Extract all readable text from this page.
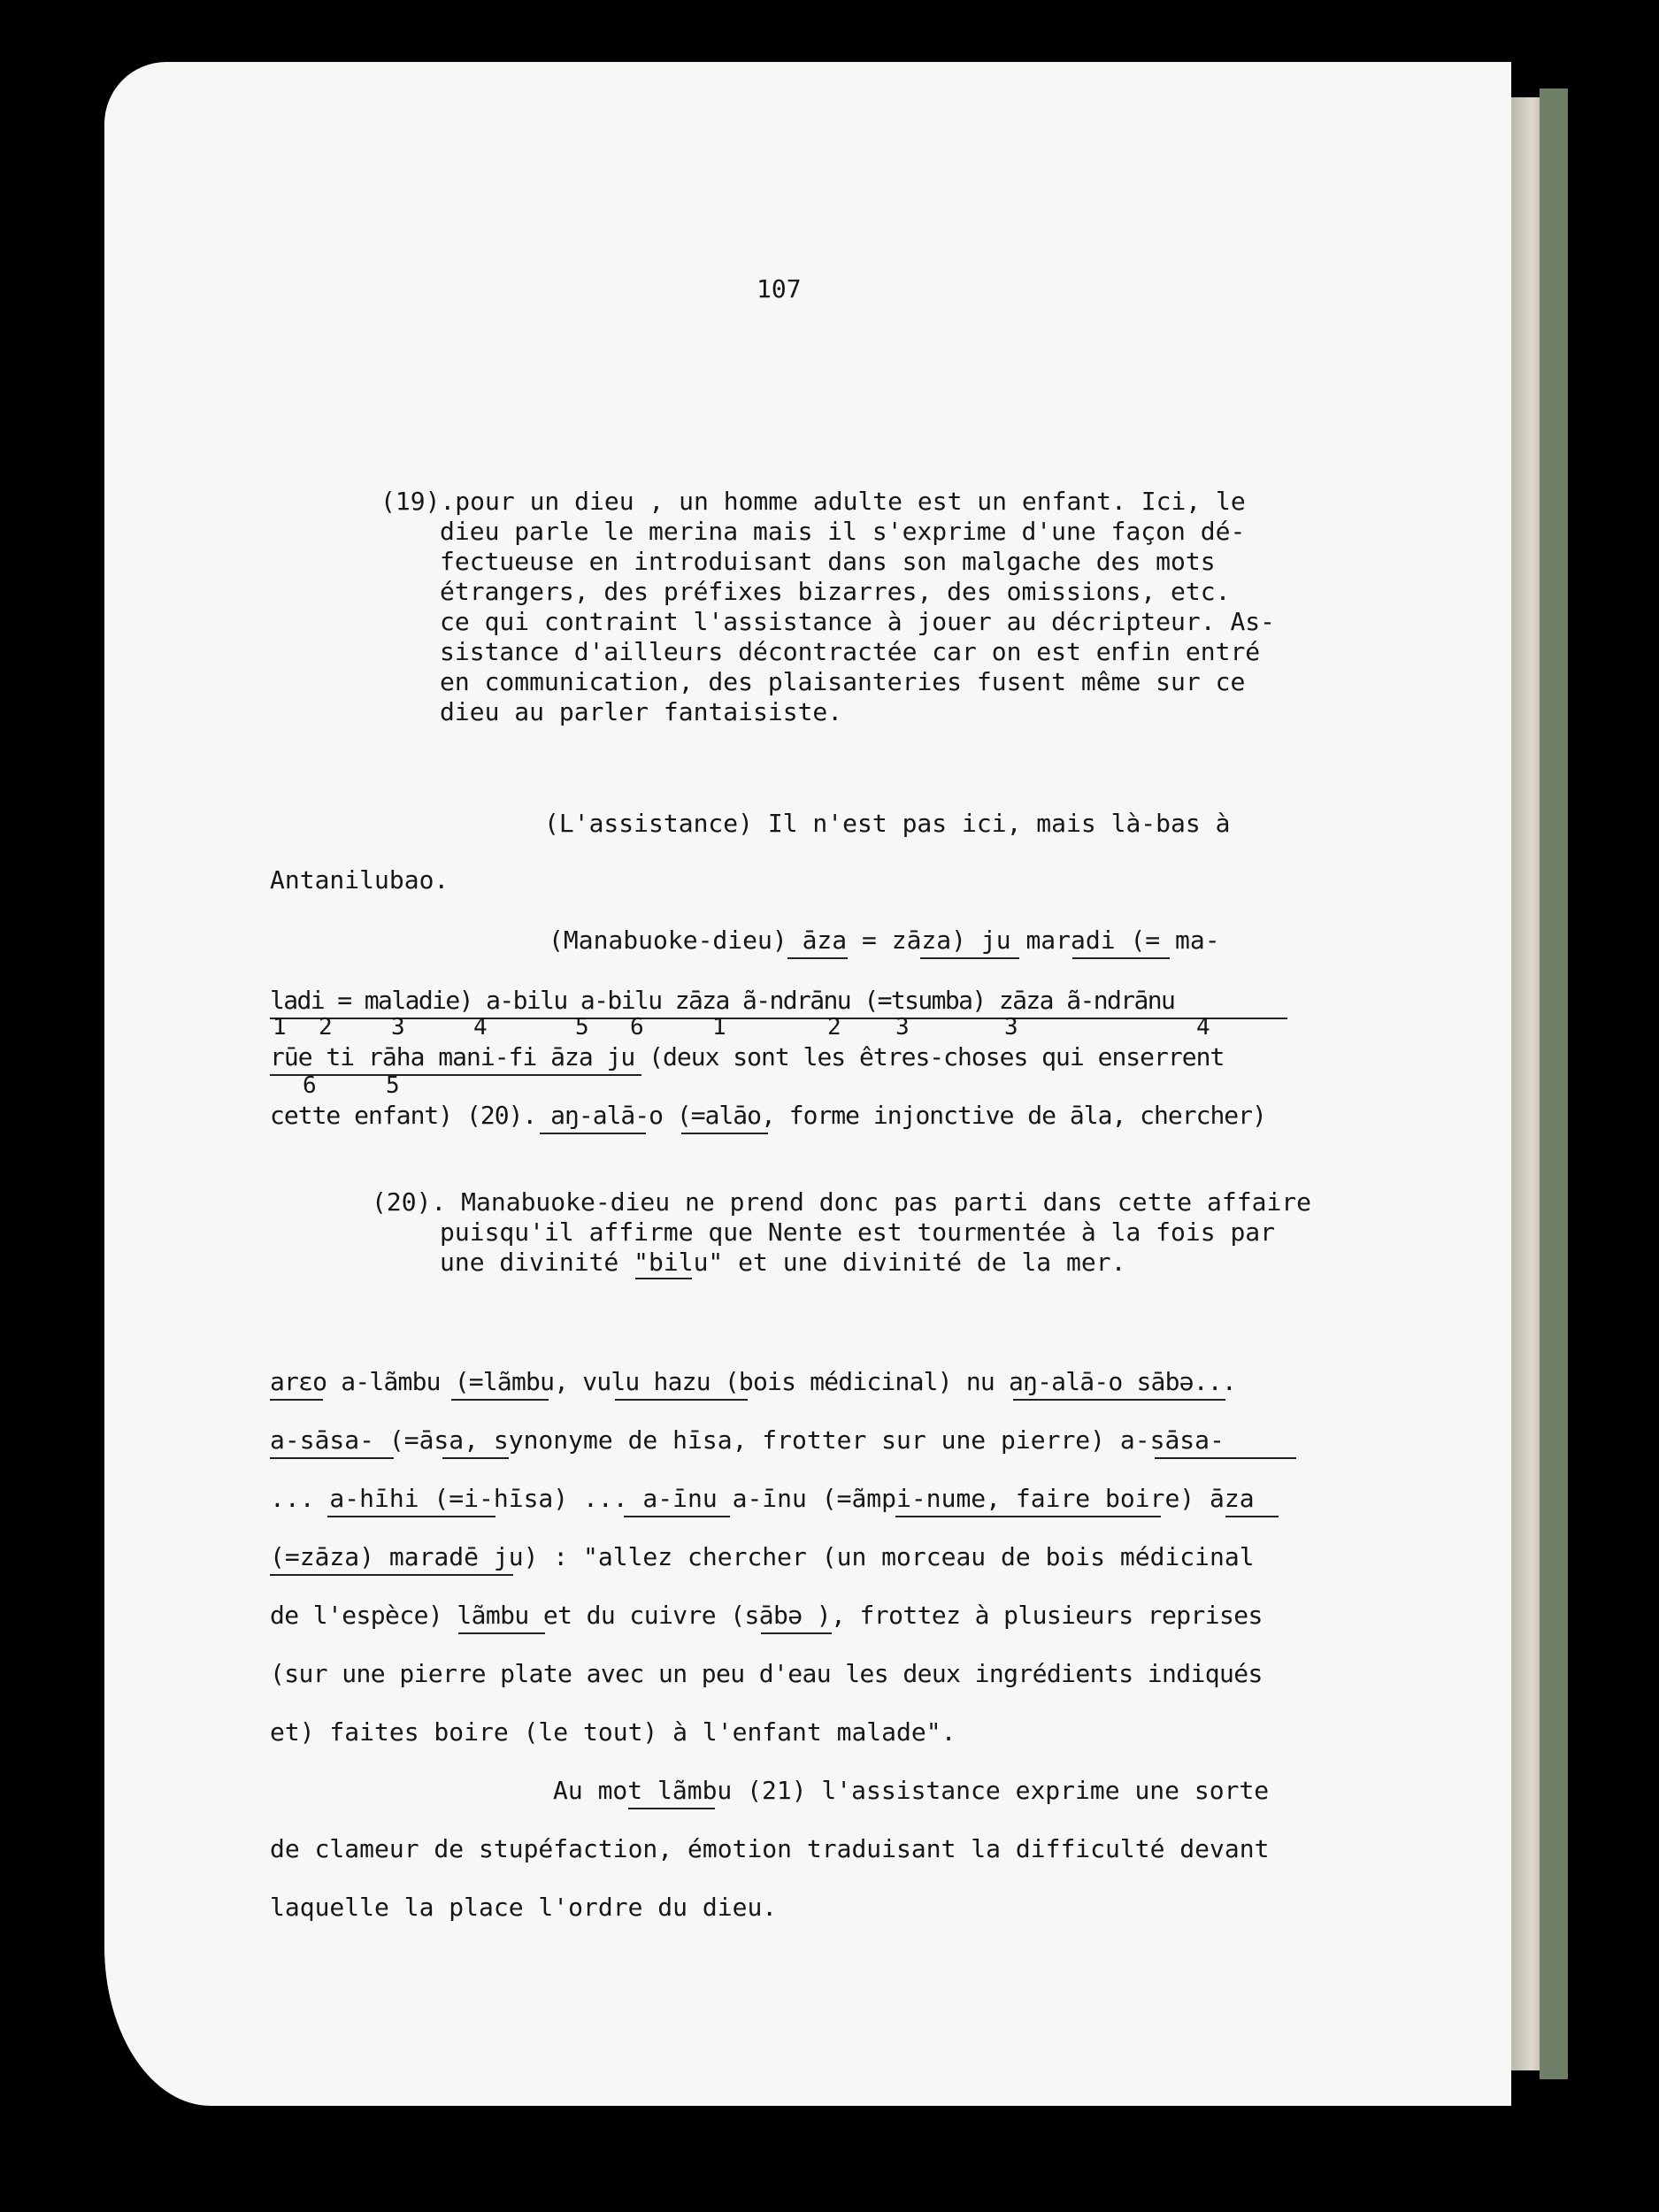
107
(19).pour un dieu , un homme adulte est un enfant. Ici, le
dieu parle le merina mais il s'exprime d'une façon dé-
fectueuse en introduisant dans son malgache des mots
étrangers, des préfixes bizarres, des omissions, etc.
ce qui contraint l'assistance à jouer au décripteur. As-
sistance d'ailleurs décontractée car on est enfin entré
en communication, des plaisanteries fusent même sur ce
dieu au parler fantaisiste.
(L'assistance) Il n'est pas ici, mais là-bas à
Antanilubao.
(Manabuoke-dieu) āza = zāza) ju maradi (= ma-
ladi = maladie) a-bilu a-bilu zāza ã-ndrānu (=tsumba) zāza ã-ndrānu
1 2	3	4	5 6	1	2 3	3	4
rūe ti rāha mani-fi āza ju (deux sont les êtres-choses qui enserrent
6	5
cette enfant) (20). aŋ-alā-o (=alāo, forme injonctive de āla, chercher)
(20). Manabuoke-dieu ne prend donc pas parti dans cette affaire
puisqu'il affirme que Nente est tourmentée à la fois par
une divinité "bilu" et une divinité de la mer.
arɛo a-lãmbu (=lãmbu, vulu hazu (bois médicinal) nu aŋ-alā-o sābə...
a-sāsa- (=āsa, synonyme de hīsa, frotter sur une pierre) a-sāsa-
... a-hīhi (=i-hīsa) ... a-īnu a-īnu (=ãmpi-nume, faire boire) āza
(=zāza) maradē ju) : "allez chercher (un morceau de bois médicinal
de l'espèce) lãmbu et du cuivre (sābə ), frottez à plusieurs reprises
(sur une pierre plate avec un peu d'eau les deux ingrédients indiqués
et) faites boire (le tout) à l'enfant malade".
Au mot lãmbu (21) l'assistance exprime une sorte
de clameur de stupéfaction, émotion traduisant la difficulté devant
laquelle la place l'ordre du dieu.
